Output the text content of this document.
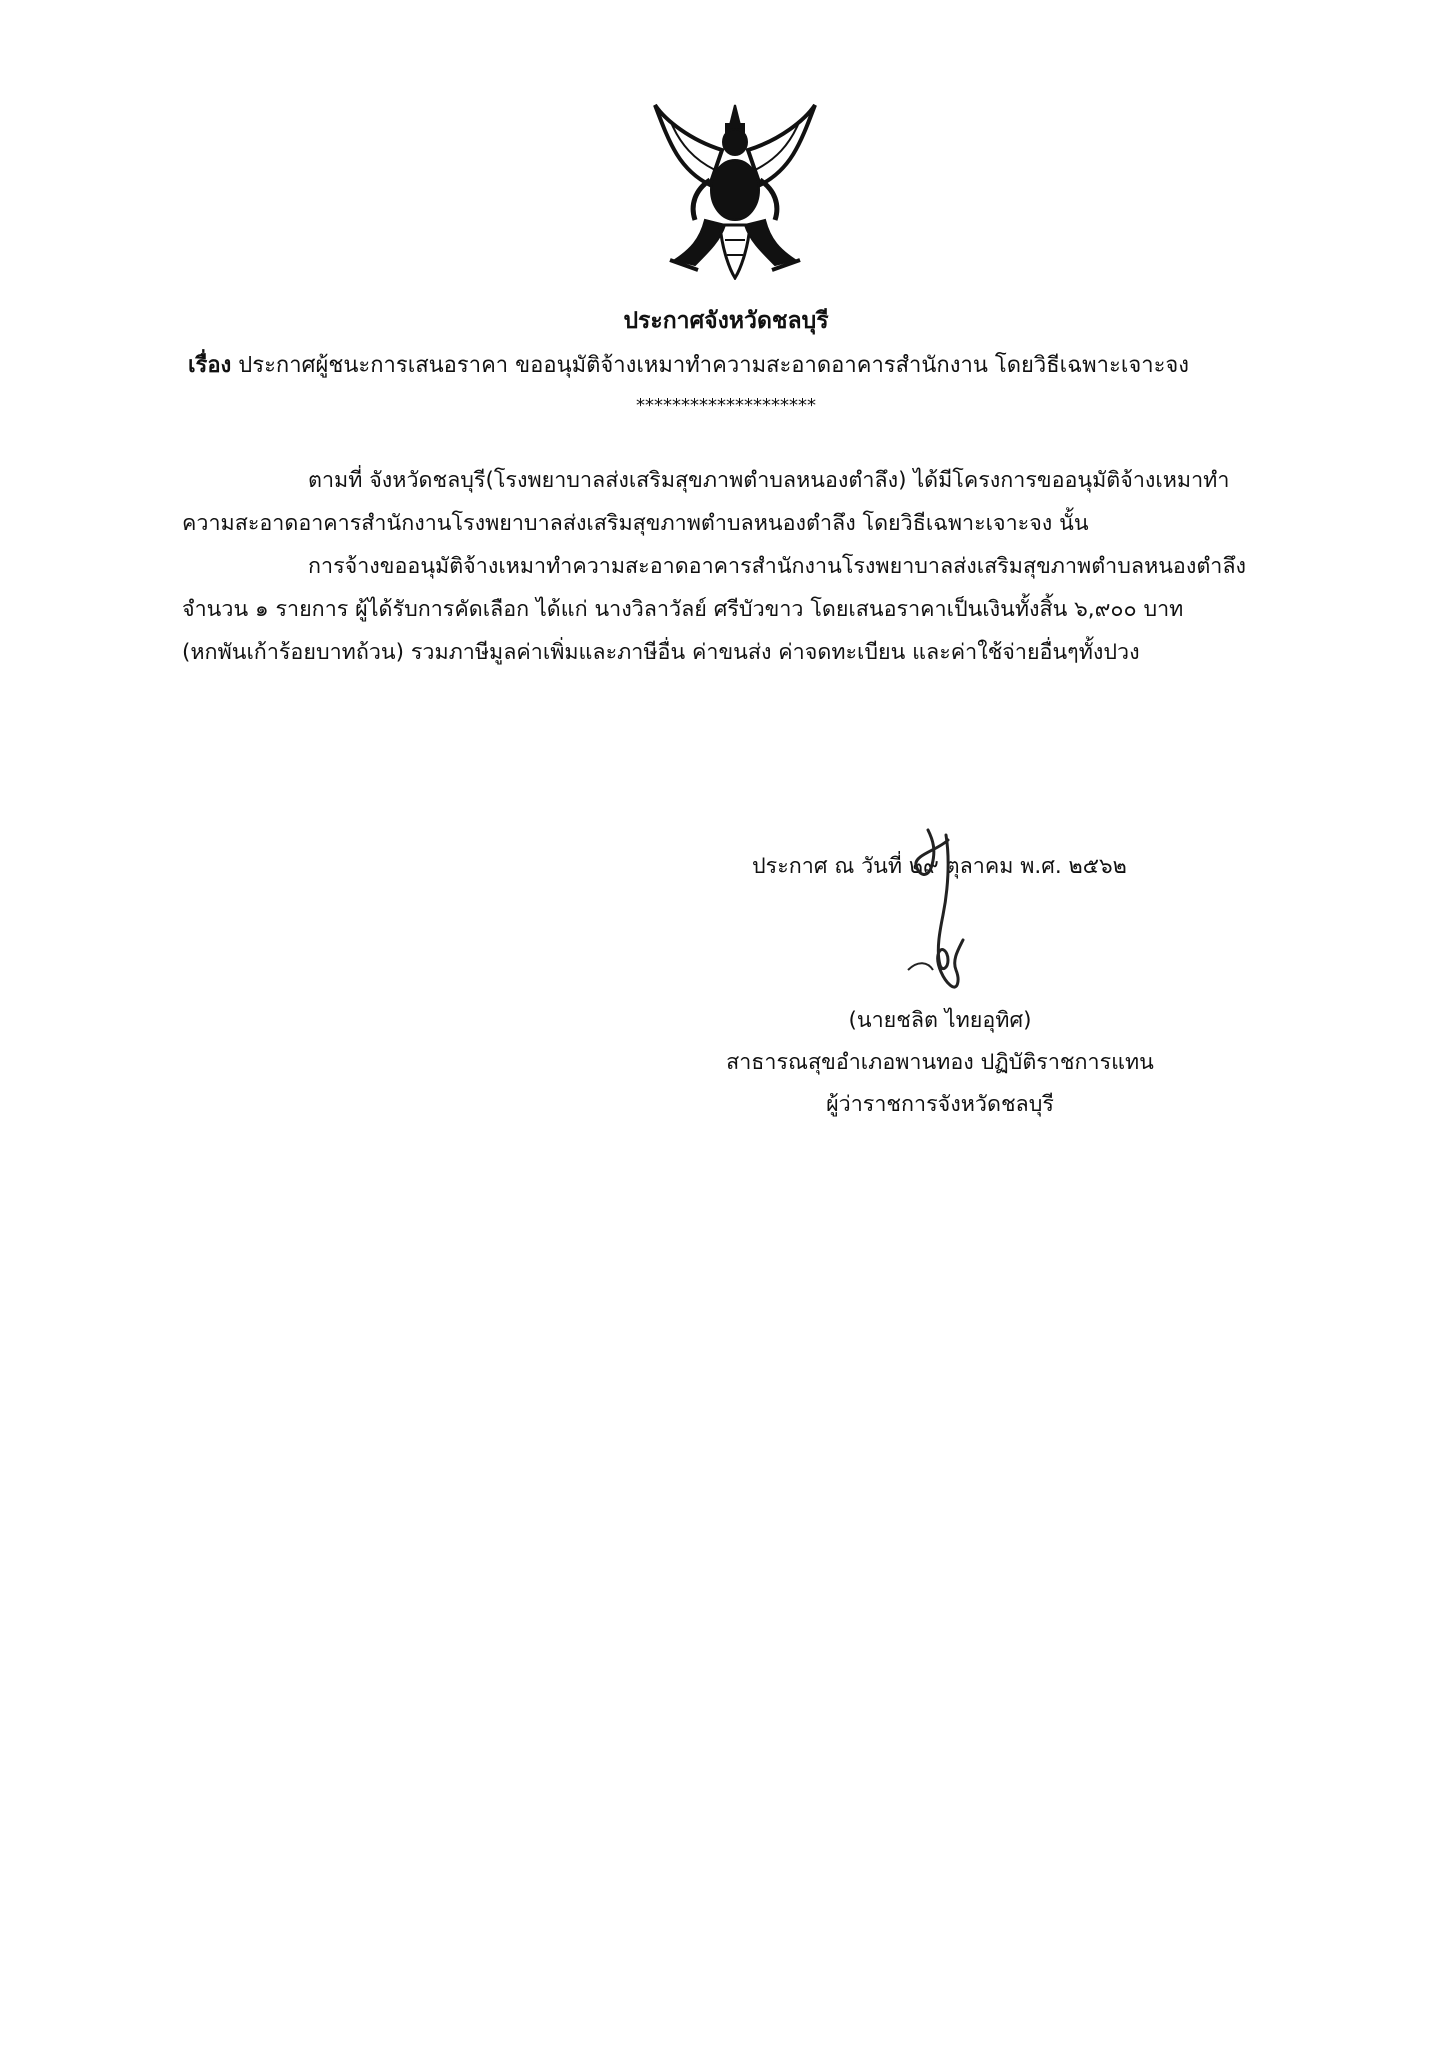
ประกาศจังหวัดชลบุรี
เรื่อง ประกาศผู้ชนะการเสนอราคา ขออนุมัติจ้างเหมาทำความสะอาดอาคารสำนักงาน โดยวิธีเฉพาะเจาะจง
********************
ตามที่ จังหวัดชลบุรี(โรงพยาบาลส่งเสริมสุขภาพตำบลหนองตำลึง) ได้มีโครงการขออนุมัติจ้างเหมาทำ
ความสะอาดอาคารสำนักงานโรงพยาบาลส่งเสริมสุขภาพตำบลหนองตำลึง โดยวิธีเฉพาะเจาะจง นั้น
การจ้างขออนุมัติจ้างเหมาทำความสะอาดอาคารสำนักงานโรงพยาบาลส่งเสริมสุขภาพตำบลหนองตำลึง
จำนวน ๑ รายการ ผู้ได้รับการคัดเลือก ได้แก่ นางวิลาวัลย์ ศรีบัวขาว โดยเสนอราคาเป็นเงินทั้งสิ้น ๖,๙๐๐ บาท
(หกพันเก้าร้อยบาทถ้วน) รวมภาษีมูลค่าเพิ่มและภาษีอื่น ค่าขนส่ง ค่าจดทะเบียน และค่าใช้จ่ายอื่นๆทั้งปวง
ประกาศ ณ วันที่ ๒๙ ตุลาคม พ.ศ. ๒๕๖๒
(นายชลิต ไทยอุทิศ)
สาธารณสุขอำเภอพานทอง ปฏิบัติราชการแทน
ผู้ว่าราชการจังหวัดชลบุรี
